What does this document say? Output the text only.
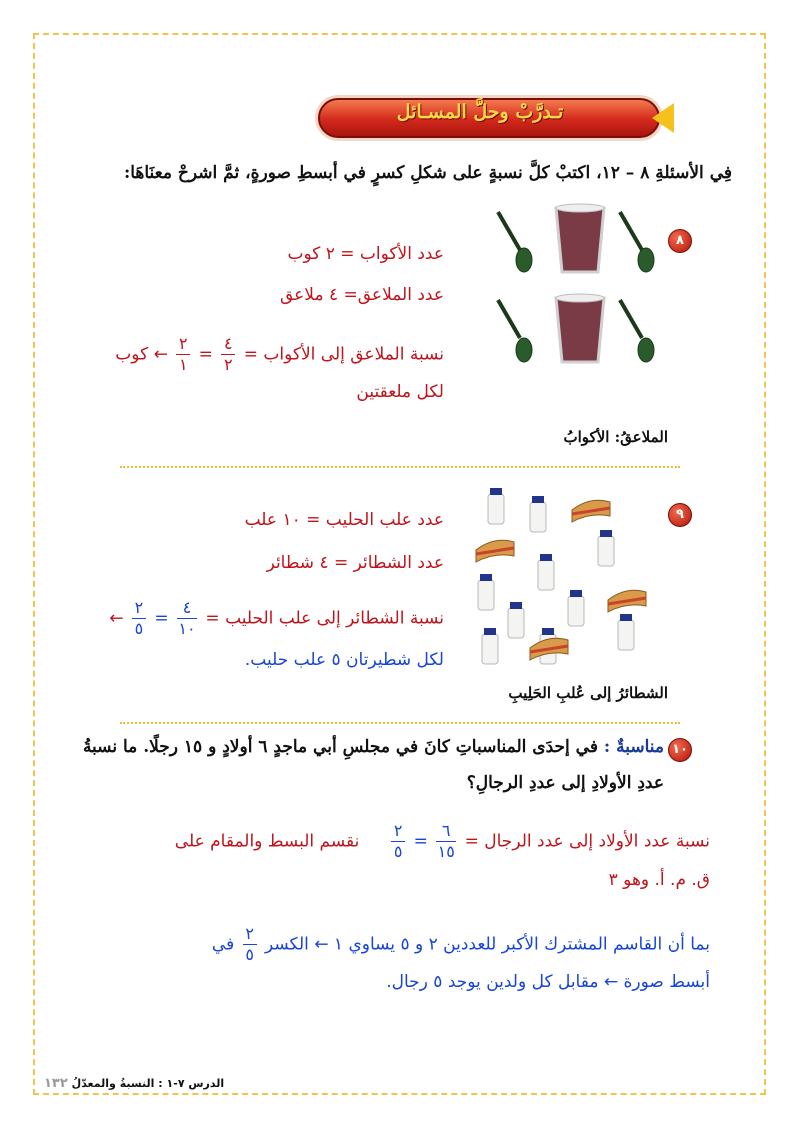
تـدرَّبْ وحلَّ المسـائل
فِي الأسئلةِ ٨ – ١٢، اكتبْ كلَّ نسبةٍ على شكلِ كسرٍ في أبسطِ صورةٍ، ثمَّ اشرحْ معنَاهَا:
٨
عدد الأكواب = ٢ كوب
عدد الملاعق= ٤ ملاعق
نسبة الملاعق إلى الأكواب =
$\frac{٤}{٢}$
=
$\frac{٢}{١}$
← كوب
لكل ملعقتين
الملاعقُ: الأكوابُ
٩
عدد علب الحليب = ١٠ علب
عدد الشطائر = ٤ شطائر
نسبة الشطائر إلى علب الحليب =
$\frac{٤}{١٠}$
=
$\frac{٢}{٥}$
←
لكل شطيرتان ٥ علب حليب.
الشطائرُ إلى عُلبِ الحَلِيبِ
١٠
مناسبةٌ : في إحدَى المناسباتِ كانَ في مجلسِ أبي ماجدٍ ٦ أولادٍ و ١٥ رجلًا. ما نسبةُ
عددِ الأولادِ إلى عددِ الرجالِ؟
نسبة عدد الأولاد إلى عدد الرجال =
$\frac{٦}{١٥}$
=
$\frac{٢}{٥}$
نقسم البسط والمقام على
ق. م. أ. وهو ٣
بما أن القاسم المشترك الأكبر للعددين ٢ و ٥ يساوي ١ ← الكسر
$\frac{٢}{٥}$
في
أبسط صورة ← مقابل كل ولدين يوجد ٥ رجال.
الدرس ٧-١ : النسبةُ والمعدّلُ ١٣٢
